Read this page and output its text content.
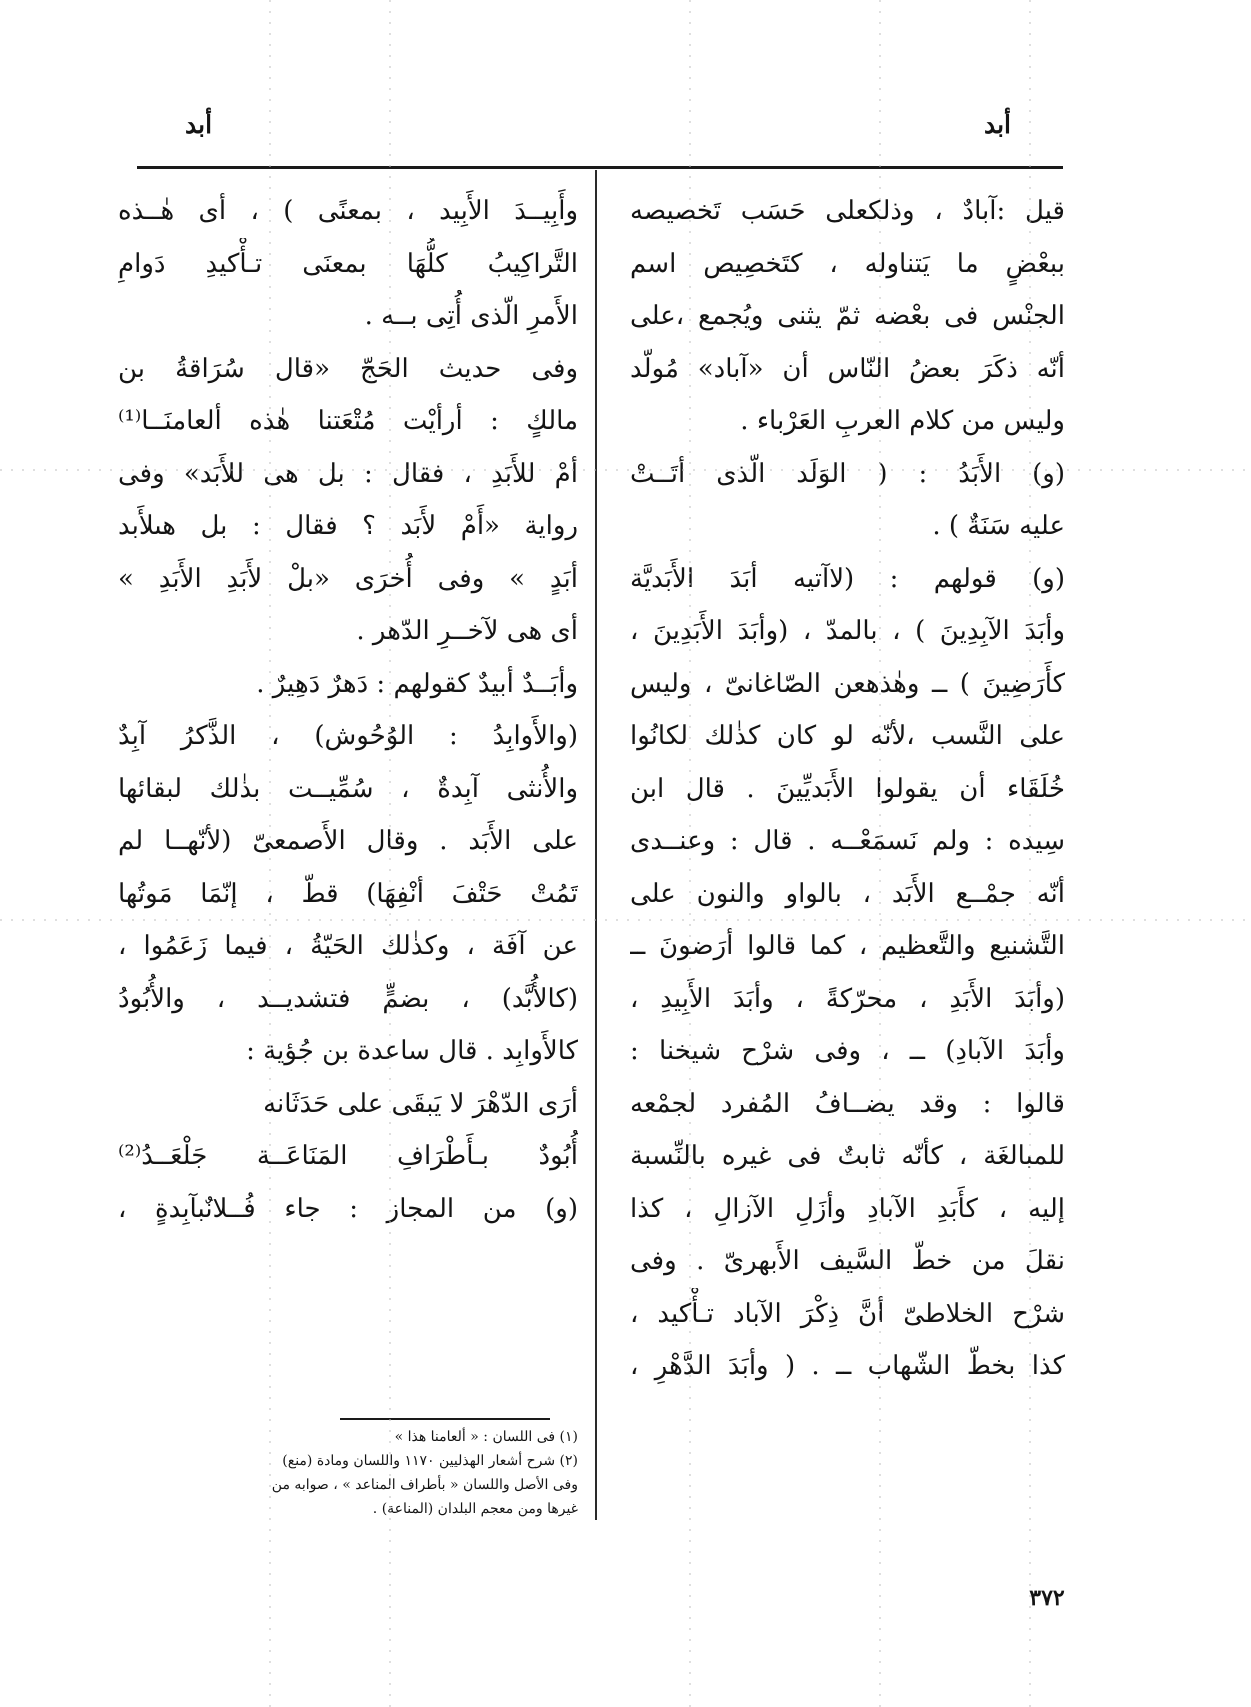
أبد
أبد
قيل :آبادٌ ، وذلكعلى حَسَب تَخصيصه
ببعْضٍ ما يَتناوله ، كتَخصِيص اسم
الجنْس فى بعْضه ثمّ يثنى ويُجمع ،على
أنّه ذكَرَ بعضُ النّاس أن «آباد» مُولّد
وليس من كلام العربِ العَرْباء .
(و) الأَبَدُ : ( الوَلَد الّذى أتَــتْ
عليه سَنَةٌ ) .
(و) قولهم : (لاآتيه أبَدَ الأَبَديَّة
وأبَدَ الآبِدِينَ ) ، بالمدّ ، (وأبَدَ الأَبَدِينَ ،
كأَرَضِينَ ) ــ وهٰذهعن الصّاغانىّ ، وليس
على النَّسب ،لأنّه لو كان كذٰلك لكانُوا
خُلَقَاء أن يقولوا الأَبَديِّينَ . قال ابن
سِيده : ولم نَسمَعْــه . قال : وعنــدى
أنّه جمْــع الأَبَد ، بالواو والنون على
التَّشنيع والتَّعظيم ، كما قالوا أرَضونَ ــ
(وأبَدَ الأَبَدِ ، محرّكةً ، وأبَدَ الأَبِيدِ ،
وأبَدَ الآبادِ) ــ ، وفى شرْح شيخنا :
قالوا : وقد يضــافُ المُفرد لجمْعه
للمبالغَة ، كأنّه ثابتٌ فى غيره بالنِّسبة
إليه ، كأَبَدِ الآبادِ وأزَلِ الآزالِ ، كذا
نقلَ من خطّ السَّيف الأَبهرىّ . وفى
شرْح الخلاطىّ أنَّ ذِكْرَ الآباد تـأْكيد ،
كذا بخطّ الشّهاب ــ . ( وأبَدَ الدَّهْرِ ،
وأَبِيــدَ الأَبِيد ، بمعنًى ) ، أى هٰــذه
التَّراكِيبُ كلُّهَا بمعنَى تـأْكيدِ دَوامِ
الأَمرِ الّذى أُتِى بــه .
وفى حديث الحَجّ «قال سُرَاقةُ بن
مالكٍ : أرأيْت مُتْعَتنا هٰذه ألعامنَــا⁽¹⁾
أمْ للأَبَدِ ، فقال : بل هى للأَبَد» وفى
رواية «أَمْ لأَبَد ؟ فقال : بل هىلأَبد
أبَدٍ » وفى أُخرَى «بلْ لأَبَدِ الأَبَدِ »
أى هى لآخــرِ الدّهر .
وأبَــدٌ أبيدٌ كقولهم : دَهرٌ دَهِيرٌ .
(والأَوابِدُ : الوُحُوش) ، الذَّكرُ آبِدٌ
والأُنثى آبِدةٌ ، سُمِّيــت بذٰلك لبقائها
على الأَبَد . وقال الأَصمعىّ (لأنّهــا لم
تَمُتْ حَتْفَ أنْفِهَا) قطّ ، إنّمَا مَوتُها
عن آفَة ، وكذٰلك الحَيّةُ ، فيما زَعَمُوا ،
(كالأُبَّد) ، بضمٍّ فتشديــد ، والأُبُودُ
كالأَوابِد . قال ساعدة بن جُؤية :
أرَى الدّهْرَ لا يَبقَى على حَدَثَانه
أُبُودٌ بـأَطْرَافِ المَنَاعَــة جَلْعَــدُ⁽²⁾
(و) من المجاز : جاء فُــلانٌبآبِدةٍ ،
(١) فى اللسان : « ألعامنا هذا »
(٢) شرح أشعار الهذليين ١١٧٠ واللسان ومادة (منع)
وفى الأصل واللسان « بأطراف المناعد » ، صوابه من
غيرها ومن معجم البلدان (المناعة) .
٣٧٢
